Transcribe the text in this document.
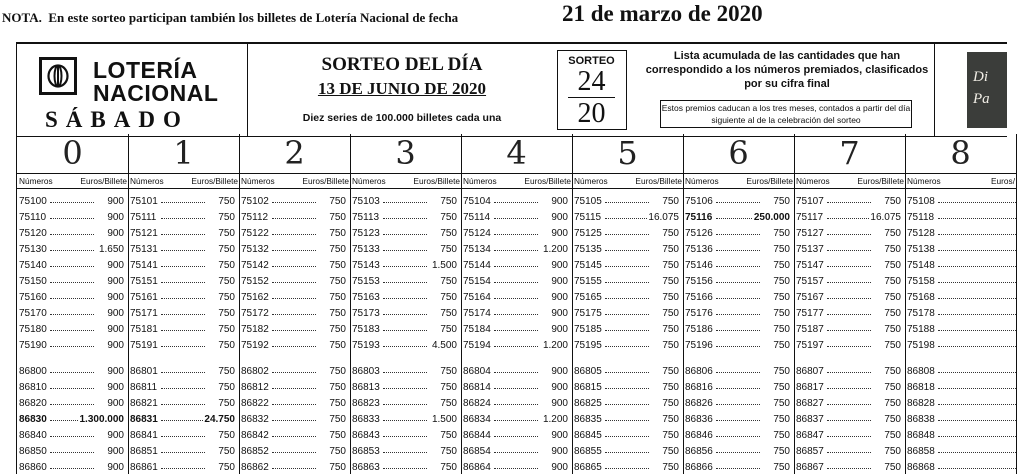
NOTA. En este sorteo participan también los billetes de Lotería Nacional de fecha	21 de marzo de 2020
LOTERÍA
NACIONAL
SÁBADO
SORTEO DEL DÍA
13 DE JUNIO DE 2020
Diez series de 100.000 billetes cada una
SORTEO
24
20
Lista acumulada de las cantidades que han correspondido a los números premiados, clasificados por su cifra final
Estos premios caducan a los tres meses, contados a partir del día siguiente al de la celebración del sorteo
Di Pa
0
Números	Euros/Billete
75100	900
75110	900
75120	900
75130	1.650
75140	900
75150	900
75160	900
75170	900
75180	900
75190	900
86800	900
86810	900
86820	900
86830	1.300.000
86840	900
86850	900
86860	900
1
Números	Euros/Billete
75101	750
75111	750
75121	750
75131	750
75141	750
75151	750
75161	750
75171	750
75181	750
75191	750
86801	750
86811	750
86821	750
86831	24.750
86841	750
86851	750
86861	750
2
Números	Euros/Billete
75102	750
75112	750
75122	750
75132	750
75142	750
75152	750
75162	750
75172	750
75182	750
75192	750
86802	750
86812	750
86822	750
86832	750
86842	750
86852	750
86862	750
3
Números	Euros/Billete
75103	750
75113	750
75123	750
75133	750
75143	1.500
75153	750
75163	750
75173	750
75183	750
75193	4.500
86803	750
86813	750
86823	750
86833	1.500
86843	750
86853	750
86863	750
4
Números	Euros/Billete
75104	900
75114	900
75124	900
75134	1.200
75144	900
75154	900
75164	900
75174	900
75184	900
75194	1.200
86804	900
86814	900
86824	900
86834	1.200
86844	900
86854	900
86864	900
5
Números	Euros/Billete
75105	750
75115	16.075
75125	750
75135	750
75145	750
75155	750
75165	750
75175	750
75185	750
75195	750
86805	750
86815	750
86825	750
86835	750
86845	750
86855	750
86865	750
6
Números	Euros/Billete
75106	750
75116	250.000
75126	750
75136	750
75146	750
75156	750
75166	750
75176	750
75186	750
75196	750
86806	750
86816	750
86826	750
86836	750
86846	750
86856	750
86866	750
7
Números	Euros/Billete
75107	750
75117	16.075
75127	750
75137	750
75147	750
75157	750
75167	750
75177	750
75187	750
75197	750
86807	750
86817	750
86827	750
86837	750
86847	750
86857	750
86867	750
8
Números	Euros/
75108
75118
75128
75138
75148
75158
75168
75178
75188
75198
86808
86818
86828
86838
86848
86858
86868
